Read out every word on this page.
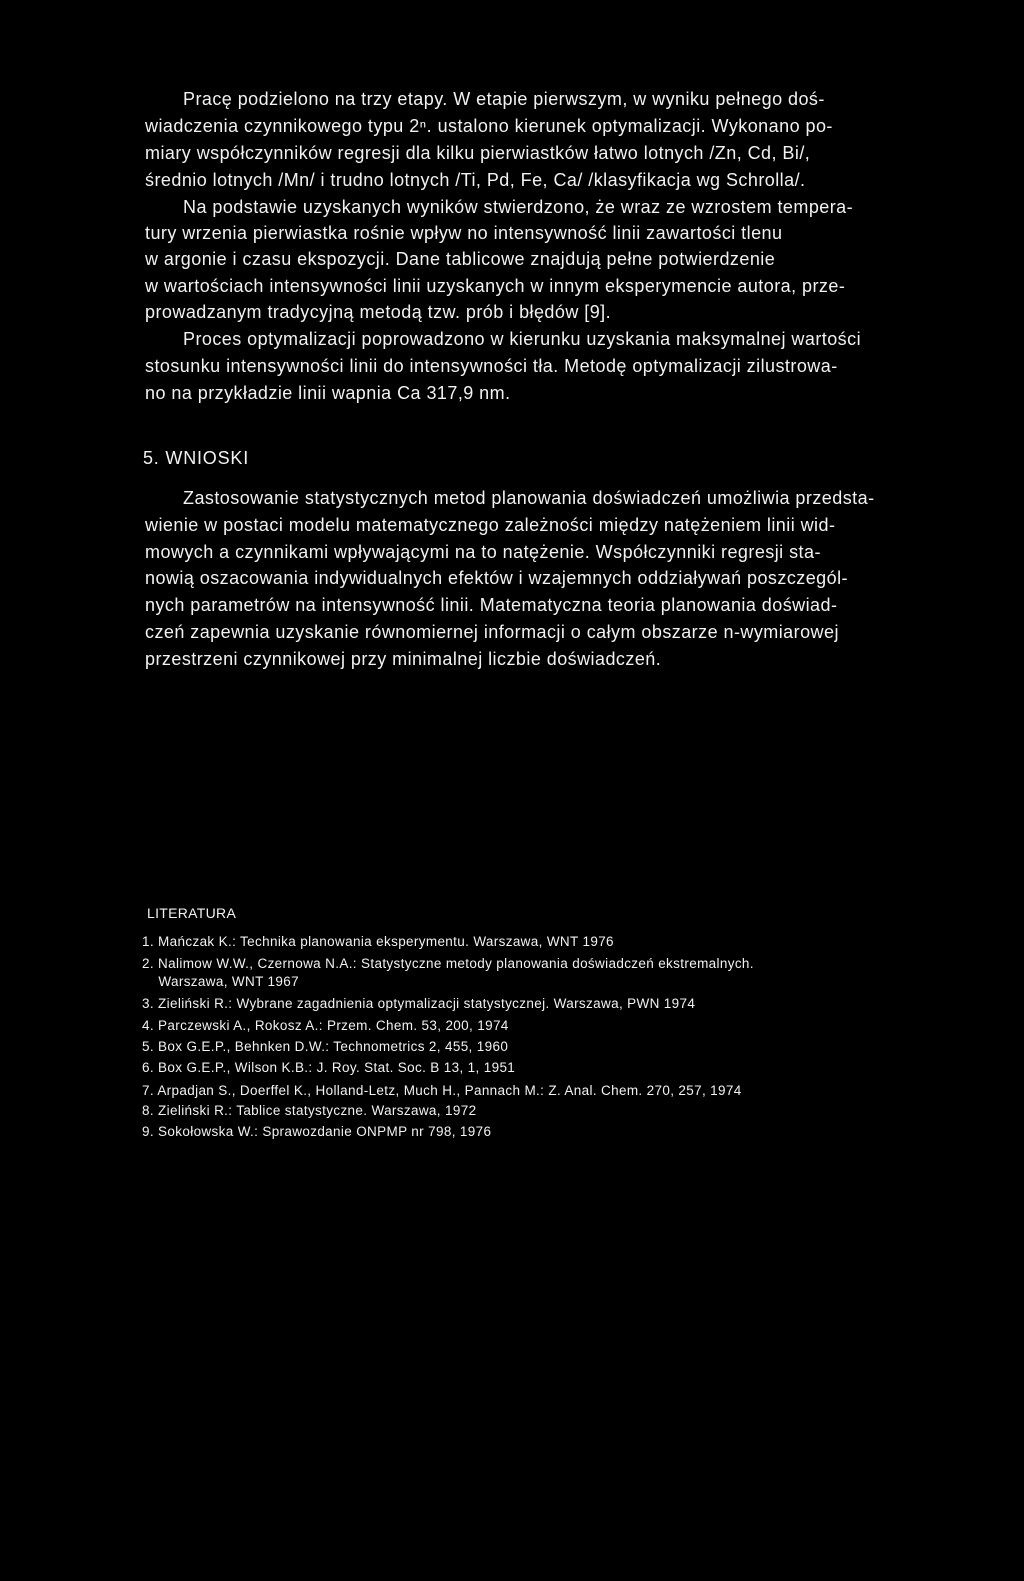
Pracę podzielono na trzy etapy. W etapie pierwszym, w wyniku pełnego doś-
wiadczenia czynnikowego typu 2ⁿ. ustalono kierunek optymalizacji. Wykonano po-
miary współczynników regresji dla kilku pierwiastków łatwo lotnych /Zn, Cd, Bi/,
średnio lotnych /Mn/ i trudno lotnych /Ti, Pd, Fe, Ca/ /klasyfikacja wg Schrolla/.
Na podstawie uzyskanych wyników stwierdzono, że wraz ze wzrostem tempera-
tury wrzenia pierwiastka rośnie wpływ no intensywność linii zawartości tlenu
w argonie i czasu ekspozycji. Dane tablicowe znajdują pełne potwierdzenie
w wartościach intensywności linii uzyskanych w innym eksperymencie autora, prze-
prowadzanym tradycyjną metodą tzw. prób i błędów [9].
Proces optymalizacji poprowadzono w kierunku uzyskania maksymalnej wartości
stosunku intensywności linii do intensywności tła. Metodę optymalizacji zilustrowa-
no na przykładzie linii wapnia Ca 317,9 nm.
5. WNIOSKI
Zastosowanie statystycznych metod planowania doświadczeń umożliwia przedsta-
wienie w postaci modelu matematycznego zależności między natężeniem linii wid-
mowych a czynnikami wpływającymi na to natężenie. Współczynniki regresji sta-
nowią oszacowania indywidualnych efektów i wzajemnych oddziaływań poszczegól-
nych parametrów na intensywność linii. Matematyczna teoria planowania doświad-
czeń zapewnia uzyskanie równomiernej informacji o całym obszarze n-wymiarowej
przestrzeni czynnikowej przy minimalnej liczbie doświadczeń.
LITERATURA
1. Mańczak K.: Technika planowania eksperymentu. Warszawa, WNT 1976
2. Nalimow W.W., Czernowa N.A.: Statystyczne metody planowania doświadczeń ekstremalnych.
Warszawa, WNT 1967
3. Zieliński R.: Wybrane zagadnienia optymalizacji statystycznej. Warszawa, PWN 1974
4. Parczewski A., Rokosz A.: Przem. Chem. 53, 200, 1974
5. Box G.E.P., Behnken D.W.: Technometrics 2, 455, 1960
6. Box G.E.P., Wilson K.B.: J. Roy. Stat. Soc. B 13, 1, 1951
7. Arpadjan S., Doerffel K., Holland-Letz, Much H., Pannach M.: Z. Anal. Chem. 270, 257, 1974
8. Zieliński R.: Tablice statystyczne. Warszawa, 1972
9. Sokołowska W.: Sprawozdanie ONPMP nr 798, 1976
